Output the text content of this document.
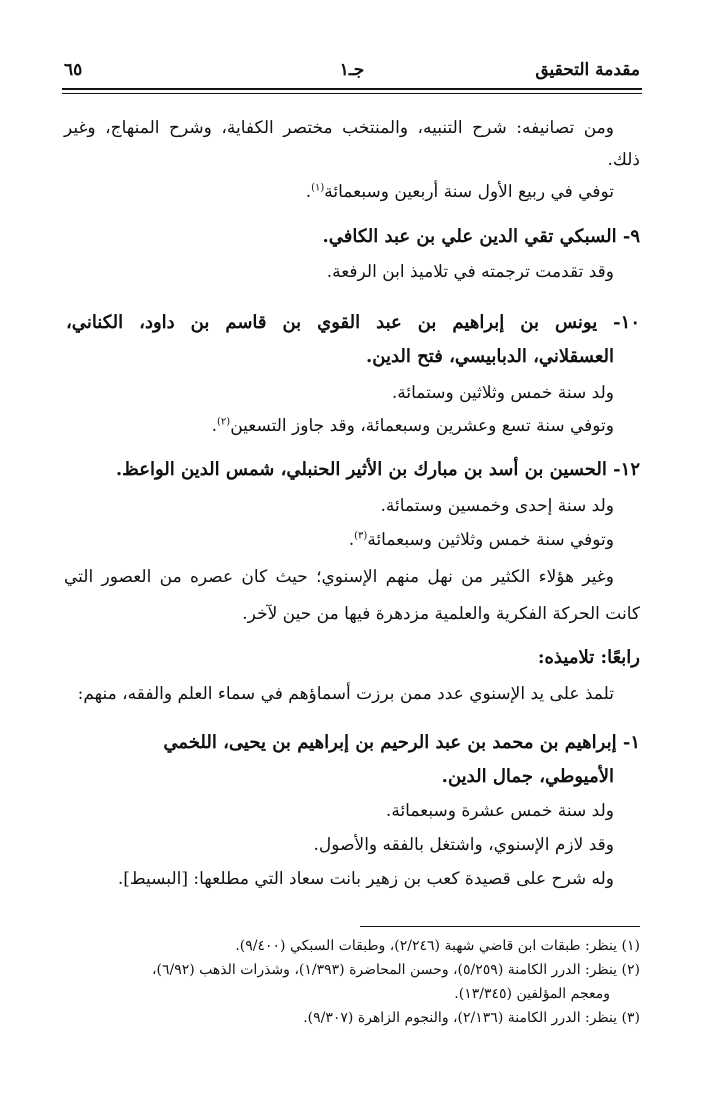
مقدمة التحقيق
جـ١
٦٥
ومن تصانيفه: شرح التنبيه، والمنتخب مختصر الكفاية، وشرح المنهاج، وغير
ذلك.
توفي في ربيع الأول سنة أربعين وسبعمائة$^{(١)}$.
٩- السبكي تقي الدين علي بن عبد الكافي.
وقد تقدمت ترجمته في تلاميذ ابن الرفعة.
١٠- يونس بن إبراهيم بن عبد القوي بن قاسم بن داود، الكناني،
العسقلاني، الدبابيسي، فتح الدين.
ولد سنة خمس وثلاثين وستمائة.
وتوفي سنة تسع وعشرين وسبعمائة، وقد جاوز التسعين$^{(٢)}$.
١٢- الحسين بن أسد بن مبارك بن الأثير الحنبلي، شمس الدين الواعظ.
ولد سنة إحدى وخمسين وستمائة.
وتوفي سنة خمس وثلاثين وسبعمائة$^{(٣)}$.
وغير هؤلاء الكثير من نهل منهم الإسنوي؛ حيث كان عصره من العصور التي
كانت الحركة الفكرية والعلمية مزدهرة فيها من حين لآخر.
رابعًا: تلاميذه:
تلمذ على يد الإسنوي عدد ممن برزت أسماؤهم في سماء العلم والفقه، منهم:
١- إبراهيم بن محمد بن عبد الرحيم بن إبراهيم بن يحيى، اللخمي
الأميوطي، جمال الدين.
ولد سنة خمس عشرة وسبعمائة.
وقد لازم الإسنوي، واشتغل بالفقه والأصول.
وله شرح على قصيدة كعب بن زهير بانت سعاد التي مطلعها: [البسيط].
(١) ينظر: طبقات ابن قاضي شهبة (٢/٢٤٦)، وطبقات السبكي (٩/٤٠٠).
(٢) ينظر: الدرر الكامنة (٥/٢٥٩)، وحسن المحاضرة (١/٣٩٣)، وشذرات الذهب (٦/٩٢)،
ومعجم المؤلفين (١٣/٣٤٥).
(٣) ينظر: الدرر الكامنة (٢/١٣٦)، والنجوم الزاهرة (٩/٣٠٧).
